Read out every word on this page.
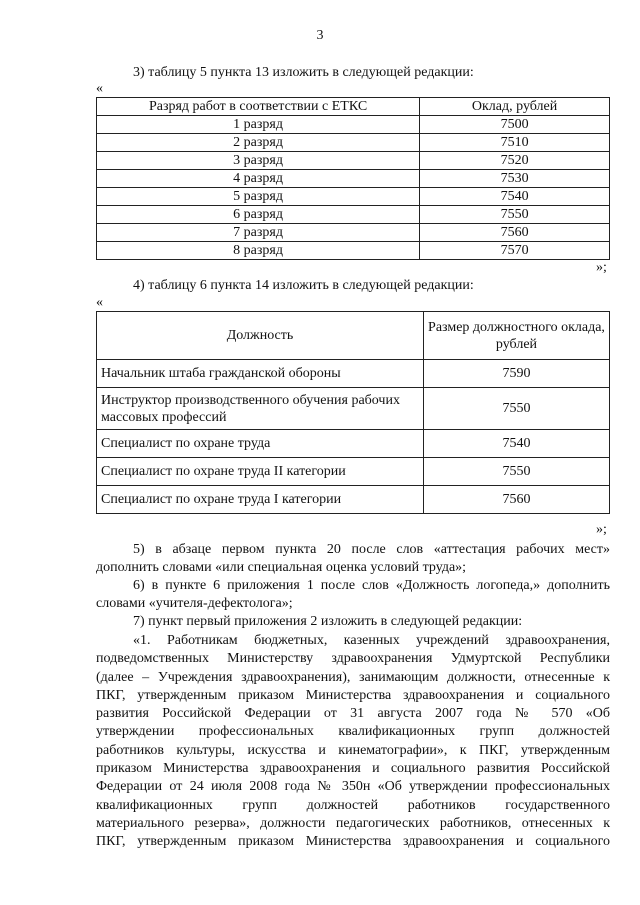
3
3) таблицу 5 пункта 13 изложить в следующей редакции:
«
Разряд работ в соответствии с ЕТКС	Оклад, рублей
1 разряд	7500
2 разряд	7510
3 разряд	7520
4 разряд	7530
5 разряд	7540
6 разряд	7550
7 разряд	7560
8 разряд	7570
»;
4) таблицу 6 пункта 14 изложить в следующей редакции:
«
Должность	Размер должностного оклада, рублей
Начальник штаба гражданской обороны	7590
Инструктор производственного обучения рабочих массовых профессий	7550
Специалист по охране труда	7540
Специалист по охране труда II категории	7550
Специалист по охране труда I категории	7560
»;
5) в абзаце первом пункта 20 после слов «аттестация рабочих мест»
дополнить словами «или специальная оценка условий труда»;
6) в пункте 6 приложения 1 после слов «Должность логопеда,» дополнить
словами «учителя-дефектолога»;
7) пункт первый приложения 2 изложить в следующей редакции:
«1. Работникам бюджетных, казенных учреждений здравоохранения,
подведомственных Министерству здравоохранения Удмуртской Республики
(далее – Учреждения здравоохранения), занимающим должности, отнесенные к
ПКГ, утвержденным приказом Министерства здравоохранения и социального
развития Российской Федерации от 31 августа 2007 года № 570 «Об
утверждении профессиональных квалификационных групп должностей
работников культуры, искусства и кинематографии», к ПКГ, утвержденным
приказом Министерства здравоохранения и социального развития Российской
Федерации от 24 июля 2008 года № 350н «Об утверждении профессиональных
квалификационных групп должностей работников государственного
материального резерва», должности педагогических работников, отнесенных к
ПКГ, утвержденным приказом Министерства здравоохранения и социального
